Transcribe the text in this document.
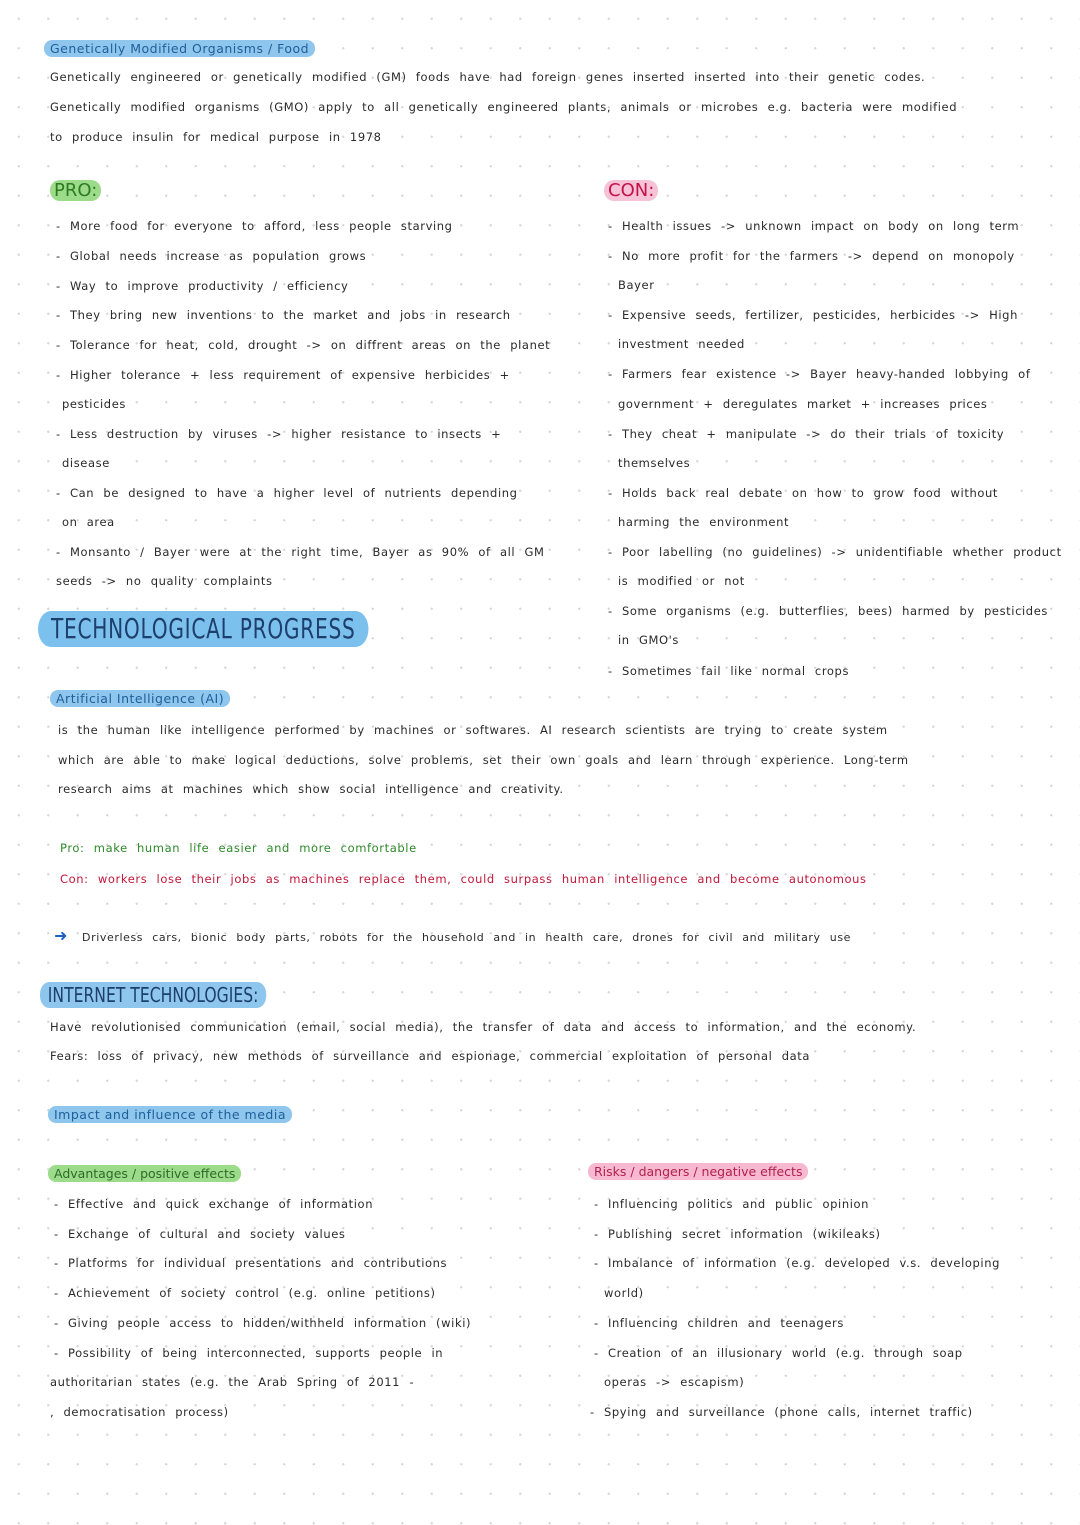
Genetically Modified Organisms / Food
Genetically engineered or genetically modified (GM) foods have had foreign genes inserted inserted into their genetic codes.
Genetically modified organisms (GMO) apply to all genetically engineered plants, animals or microbes e.g. bacteria were modified
to produce insulin for medical purpose in 1978
PRO:	CON:
- More food for everyone to afford, less people starving
- Global needs increase as population grows
- Way to improve productivity / efficiency
- They bring new inventions to the market and jobs in research
- Tolerance for heat, cold, drought -> on diffrent areas on the planet
- Higher tolerance + less requirement of expensive herbicides +
pesticides
- Less destruction by viruses -> higher resistance to insects +
disease
- Can be designed to have a higher level of nutrients depending
on area
- Monsanto / Bayer were at the right time, Bayer as 90% of all GM
seeds -> no quality complaints
- Health issues -> unknown impact on body on long term
- No more profit for the farmers -> depend on monopoly
Bayer
- Expensive seeds, fertilizer, pesticides, herbicides -> High
investment needed
- Farmers fear existence -> Bayer heavy-handed lobbying of
government + deregulates market + increases prices
- They cheat + manipulate -> do their trials of toxicity
themselves
- Holds back real debate on how to grow food without
harming the environment
- Poor labelling (no guidelines) -> unidentifiable whether product
is modified or not
- Some organisms (e.g. butterflies, bees) harmed by pesticides
in GMO's
- Sometimes fail like normal crops
TECHNOLOGICAL PROGRESS
Artificial Intelligence (AI)
is the human like intelligence performed by machines or softwares. AI research scientists are trying to create system
which are able to make logical deductions, solve problems, set their own goals and learn through experience. Long-term
research aims at machines which show social intelligence and creativity.
Pro: make human life easier and more comfortable
Con: workers lose their jobs as machines replace them, could surpass human intelligence and become autonomous
➜ Driverless cars, bionic body parts, robots for the household and in health care, drones for civil and military use
INTERNET TECHNOLOGIES:
Have revolutionised communication (email, social media), the transfer of data and access to information, and the economy.
Fears: loss of privacy, new methods of surveillance and espionage, commercial exploitation of personal data
Impact and influence of the media
Advantages / positive effects	Risks / dangers / negative effects
- Effective and quick exchange of information
- Exchange of cultural and society values
- Platforms for individual presentations and contributions
- Achievement of society control (e.g. online petitions)
- Giving people access to hidden/withheld information (wiki)
- Possibility of being interconnected, supports people in
authoritarian states (e.g. the Arab Spring of 2011 -
, democratisation process)
- Influencing politics and public opinion
- Publishing secret information (wikileaks)
- Imbalance of information (e.g. developed v.s. developing
world)
- Influencing children and teenagers
- Creation of an illusionary world (e.g. through soap
operas -> escapism)
- Spying and surveillance (phone calls, internet traffic)
